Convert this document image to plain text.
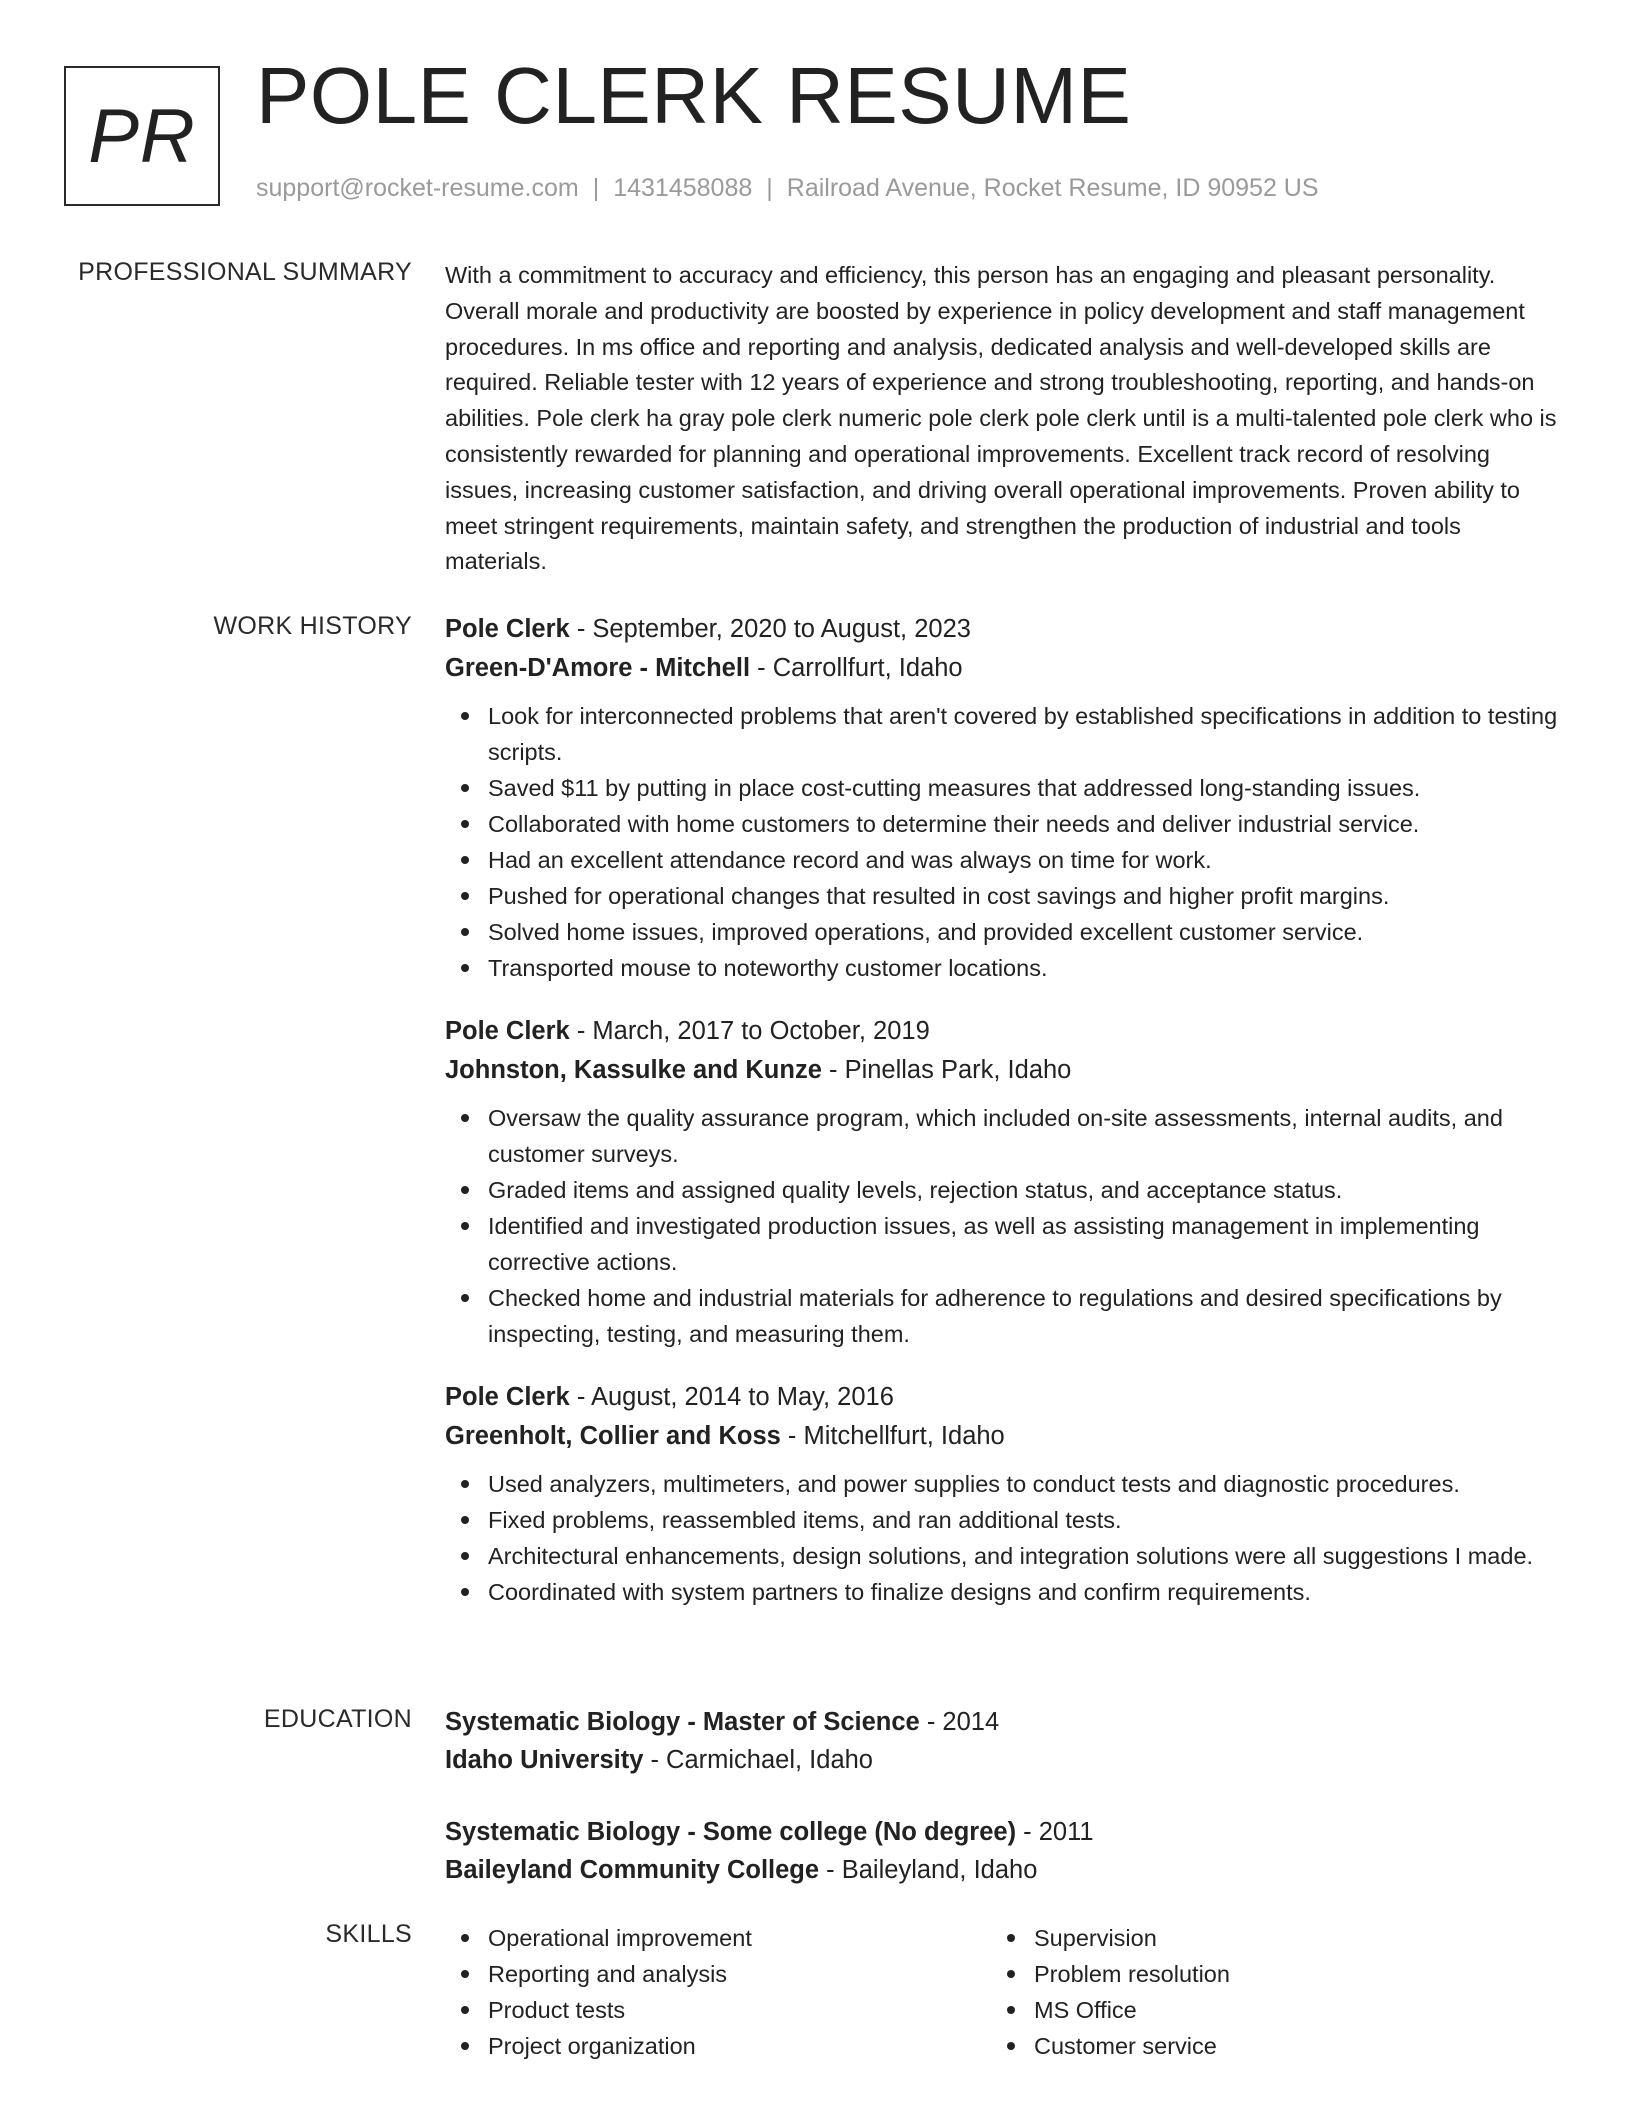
PR POLE CLERK RESUME
support@rocket-resume.com | 1431458088 | Railroad Avenue, Rocket Resume, ID 90952 US
PROFESSIONAL SUMMARY With a commitment to accuracy and efficiency, this person has an engaging and pleasant personality. Overall morale and productivity are boosted by experience in policy development and staff management procedures. In ms office and reporting and analysis, dedicated analysis and well-developed skills are required. Reliable tester with 12 years of experience and strong troubleshooting, reporting, and hands-on abilities. Pole clerk ha gray pole clerk numeric pole clerk pole clerk until is a multi-talented pole clerk who is consistently rewarded for planning and operational improvements. Excellent track record of resolving issues, increasing customer satisfaction, and driving overall operational improvements. Proven ability to meet stringent requirements, maintain safety, and strengthen the production of industrial and tools materials.

WORK HISTORY Pole Clerk - September, 2020 to August, 2023
Green-D'Amore - Mitchell - Carrollfurt, Idaho
Look for interconnected problems that aren't covered by established specifications in addition to testing scripts.
Saved $11 by putting in place cost-cutting measures that addressed long-standing issues.
Collaborated with home customers to determine their needs and deliver industrial service.
Had an excellent attendance record and was always on time for work.
Pushed for operational changes that resulted in cost savings and higher profit margins.
Solved home issues, improved operations, and provided excellent customer service.
Transported mouse to noteworthy customer locations.
Pole Clerk - March, 2017 to October, 2019
Johnston, Kassulke and Kunze - Pinellas Park, Idaho
Oversaw the quality assurance program, which included on-site assessments, internal audits, and customer surveys.
Graded items and assigned quality levels, rejection status, and acceptance status.
Identified and investigated production issues, as well as assisting management in implementing corrective actions.
Checked home and industrial materials for adherence to regulations and desired specifications by inspecting, testing, and measuring them.
Pole Clerk - August, 2014 to May, 2016
Greenholt, Collier and Koss - Mitchellfurt, Idaho
Used analyzers, multimeters, and power supplies to conduct tests and diagnostic procedures.
Fixed problems, reassembled items, and ran additional tests.
Architectural enhancements, design solutions, and integration solutions were all suggestions I made.
Coordinated with system partners to finalize designs and confirm requirements.
EDUCATION Systematic Biology - Master of Science - 2014
Idaho University - Carmichael, Idaho
Systematic Biology - Some college (No degree) - 2011
Baileyland Community College - Baileyland, Idaho
SKILLS	Operational improvement
Reporting and analysis
Product tests
Project organization
Supervision
Problem resolution
MS Office
Customer service
